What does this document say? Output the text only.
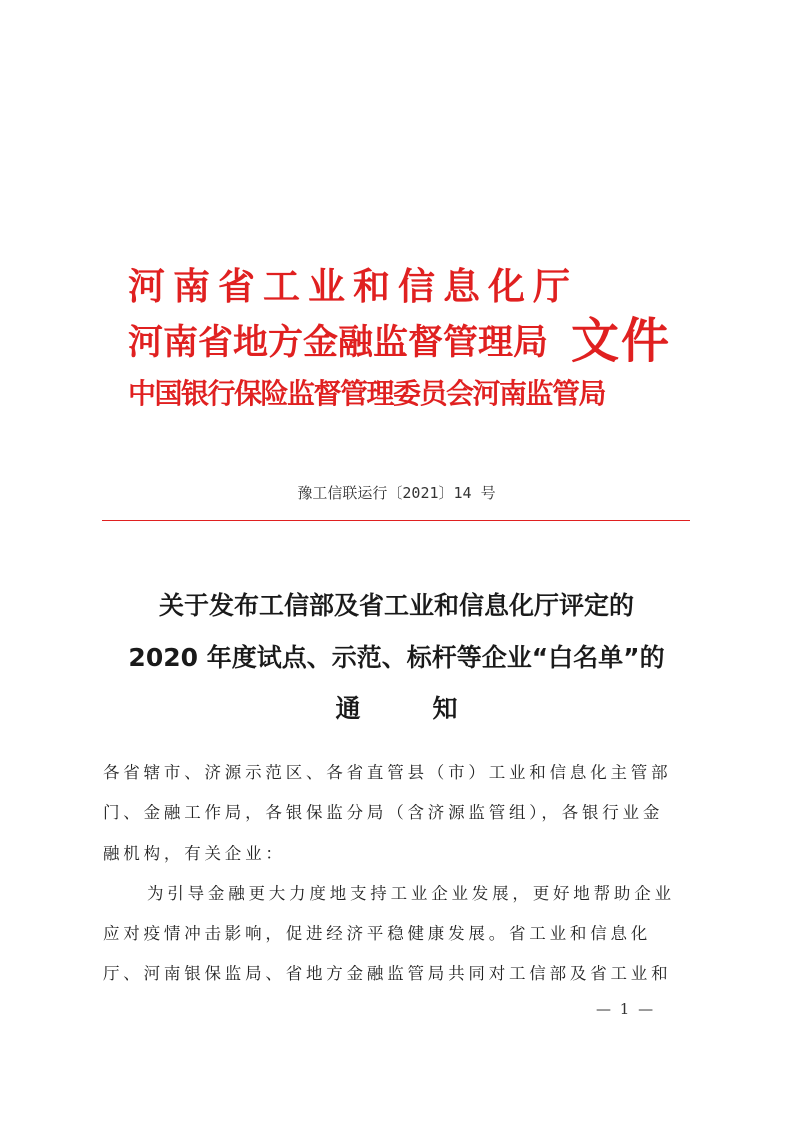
河南省工业和信息化厅
河南省地方金融监督管理局
中国银行保险监督管理委员会河南监管局
文件
豫工信联运行〔2021〕14 号
关于发布工信部及省工业和信息化厅评定的
2020 年度试点、示范、标杆等企业“白名单”的
通知
各省辖市、济源示范区、各省直管县（市）工业和信息化主管部
门、金融工作局，各银保监分局（含济源监管组），各银行业金
融机构，有关企业：
为引导金融更大力度地支持工业企业发展，更好地帮助企业
应对疫情冲击影响，促进经济平稳健康发展。省工业和信息化
厅、河南银保监局、省地方金融监管局共同对工信部及省工业和
— 1 —
